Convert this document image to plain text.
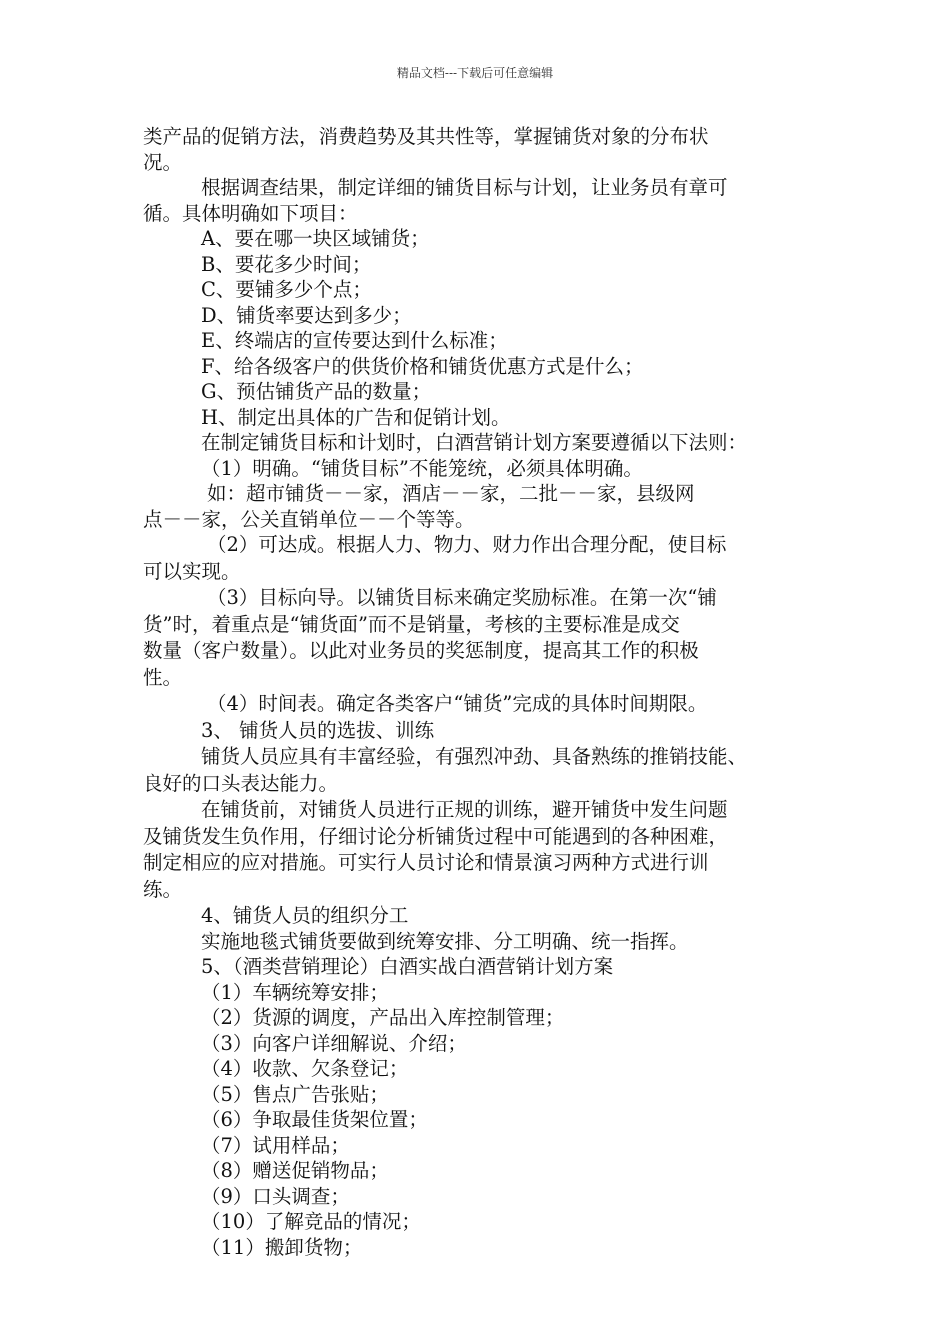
精品文档---下载后可任意编辑
类产品的促销方法，消费趋势及其共性等，掌握铺货对象的分布状
况。
根据调查结果，制定详细的铺货目标与计划，让业务员有章可
循。具体明确如下项目：
A、要在哪一块区域铺货；
B、要花多少时间；
C、要铺多少个点；
D、铺货率要达到多少；
E、终端店的宣传要达到什么标准；
F、给各级客户的供货价格和铺货优惠方式是什么；
G、预估铺货产品的数量；
H、制定出具体的广告和促销计划。
在制定铺货目标和计划时，白酒营销计划方案要遵循以下法则：
（1）明确。“铺货目标”不能笼统，必须具体明确。
如：超市铺货－－家，酒店－－家，二批－－家，县级网
点－－家，公关直销单位－－个等等。
（2）可达成。根据人力、物力、财力作出合理分配，使目标
可以实现。
（3）目标向导。以铺货目标来确定奖励标准。在第一次“铺
货”时，着重点是“铺货面”而不是销量，考核的主要标准是成交
数量（客户数量）。以此对业务员的奖惩制度，提高其工作的积极
性。
（4）时间表。确定各类客户“铺货”完成的具体时间期限。
3、 铺货人员的选拔、训练
铺货人员应具有丰富经验，有强烈冲劲、具备熟练的推销技能、
良好的口头表达能力。
在铺货前，对铺货人员进行正规的训练，避开铺货中发生问题
及铺货发生负作用，仔细讨论分析铺货过程中可能遇到的各种困难，
制定相应的应对措施。可实行人员讨论和情景演习两种方式进行训
练。
4、铺货人员的组织分工
实施地毯式铺货要做到统筹安排、分工明确、统一指挥。
5、（酒类营销理论）白酒实战白酒营销计划方案
（1）车辆统筹安排；
（2）货源的调度，产品出入库控制管理；
（3）向客户详细解说、介绍；
（4）收款、欠条登记；
（5）售点广告张贴；
（6）争取最佳货架位置；
（7）试用样品；
（8）赠送促销物品；
（9）口头调查；
（10）了解竞品的情况；
（11）搬卸货物；
